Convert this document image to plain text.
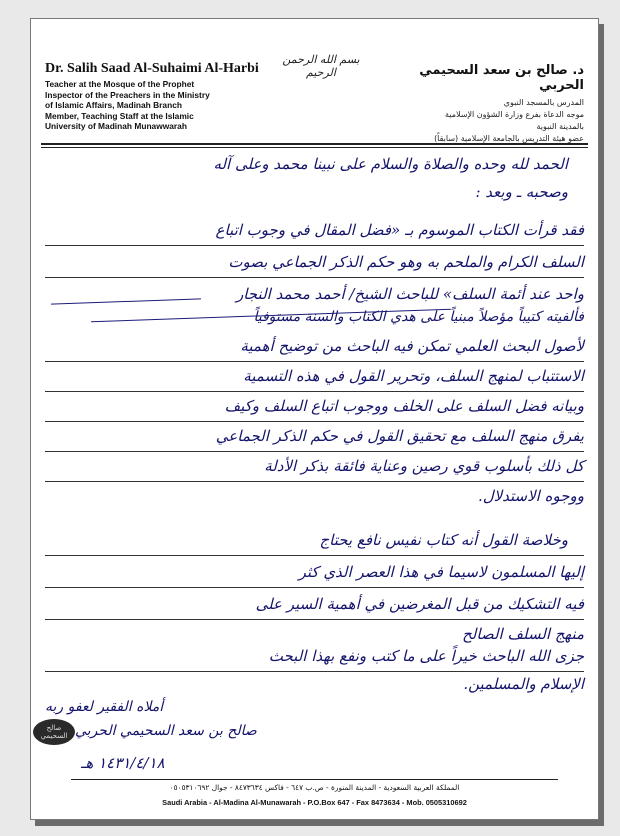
Dr. Salih Saad Al-Suhaimi Al-Harbi
Teacher at the Mosque of the Prophet
Inspector of the Preachers in the Ministry
of Islamic Affairs, Madinah Branch
Member, Teaching Staff at the Islamic
University of Madinah Munawwarah
بسم الله الرحمن الرحيم	د. صالح بن سعد السحيمي الحربي
المدرس بالمسجد النبوي
موجه الدعاة بفرع وزارة الشؤون الإسلامية
بالمدينة النبوية
عضو هيئة التدريس بالجامعة الإسلامية (سابقاً)
الحمد لله وحده والصلاة والسلام على نبينا محمد وعلى آله
وصحبه ـ وبعد :
فقد قرأت الكتاب الموسوم بـ «فضل المقال في وجوب اتباع
السلف الكرام والملحم به وهو حكم الذكر الجماعي بصوت
واحد عند أئمة السلف» للباحث الشيخ/ أحمد محمد النجار
فألفيته كتيباً مؤصلاً مبنياً على هدي الكتاب والسنة مستوفياً
لأصول البحث العلمي تمكن فيه الباحث من توضيح أهمية
الاستتباب لمنهج السلف، وتحرير القول في هذه التسمية
وبيانه فضل السلف على الخلف ووجوب اتباع السلف وكيف
يفرق منهج السلف مع تحقيق القول في حكم الذكر الجماعي
كل ذلك بأسلوب قوي رصين وعناية فائقة بذكر الأدلة
ووجوه الاستدلال.
وخلاصة القول أنه كتاب نفيس نافع يحتاج
إليها المسلمون لاسيما في هذا العصر الذي كثر
فيه التشكيك من قبل المغرضين في أهمية السير على
منهج السلف الصالح
جزى الله الباحث خيراً على ما كتب ونفع بهذا البحث
الإسلام والمسلمين.
أملاه الفقير لعفو ربه
صالح بن سعد السحيمي الحربي
صالح السحيمي
١٤٣١/٤/١٨ هـ
المملكة العربية السعودية - المدينة المنورة - ص.ب ٦٤٧ - فاكس ٨٤٧٣٦٣٤ - جوال ٠٥٠٥٣١٠٦٩٢
Saudi Arabia - Al-Madina Al-Munawarah - P.O.Box 647 - Fax 8473634 - Mob. 0505310692
